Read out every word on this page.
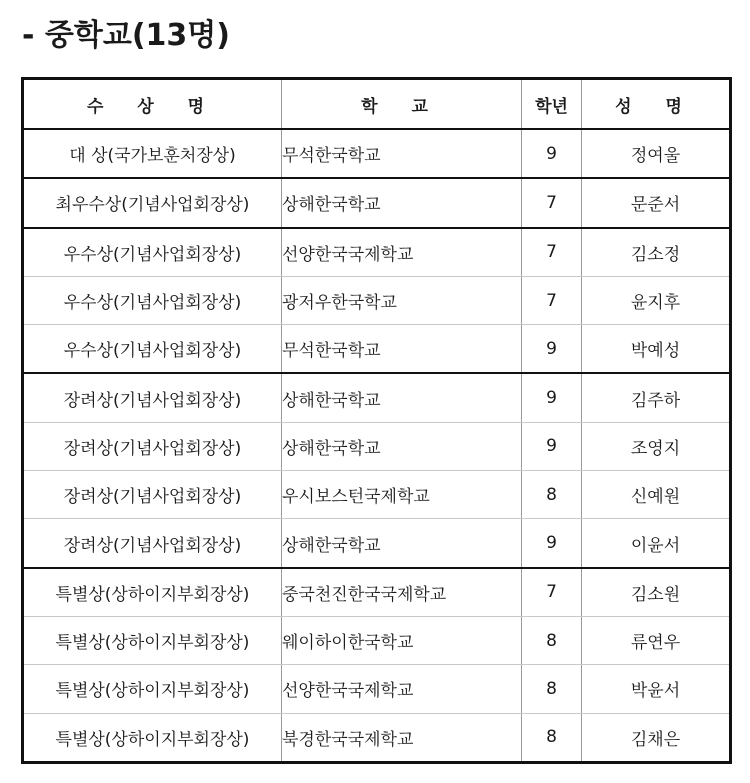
- 중학교(13명)
수 상 명	학 교	학년	성 명
대 상(국가보훈처장상)	무석한국학교	9	정여울
최우수상(기념사업회장상)	상해한국학교	7	문준서
우수상(기념사업회장상)	선양한국국제학교	7	김소정
우수상(기념사업회장상)	광저우한국학교	7	윤지후
우수상(기념사업회장상)	무석한국학교	9	박예성
장려상(기념사업회장상)	상해한국학교	9	김주하
장려상(기념사업회장상)	상해한국학교	9	조영지
장려상(기념사업회장상)	우시보스턴국제학교	8	신예원
장려상(기념사업회장상)	상해한국학교	9	이윤서
특별상(상하이지부회장상)	중국천진한국국제학교	7	김소원
특별상(상하이지부회장상)	웨이하이한국학교	8	류연우
특별상(상하이지부회장상)	선양한국국제학교	8	박윤서
특별상(상하이지부회장상)	북경한국국제학교	8	김채은
